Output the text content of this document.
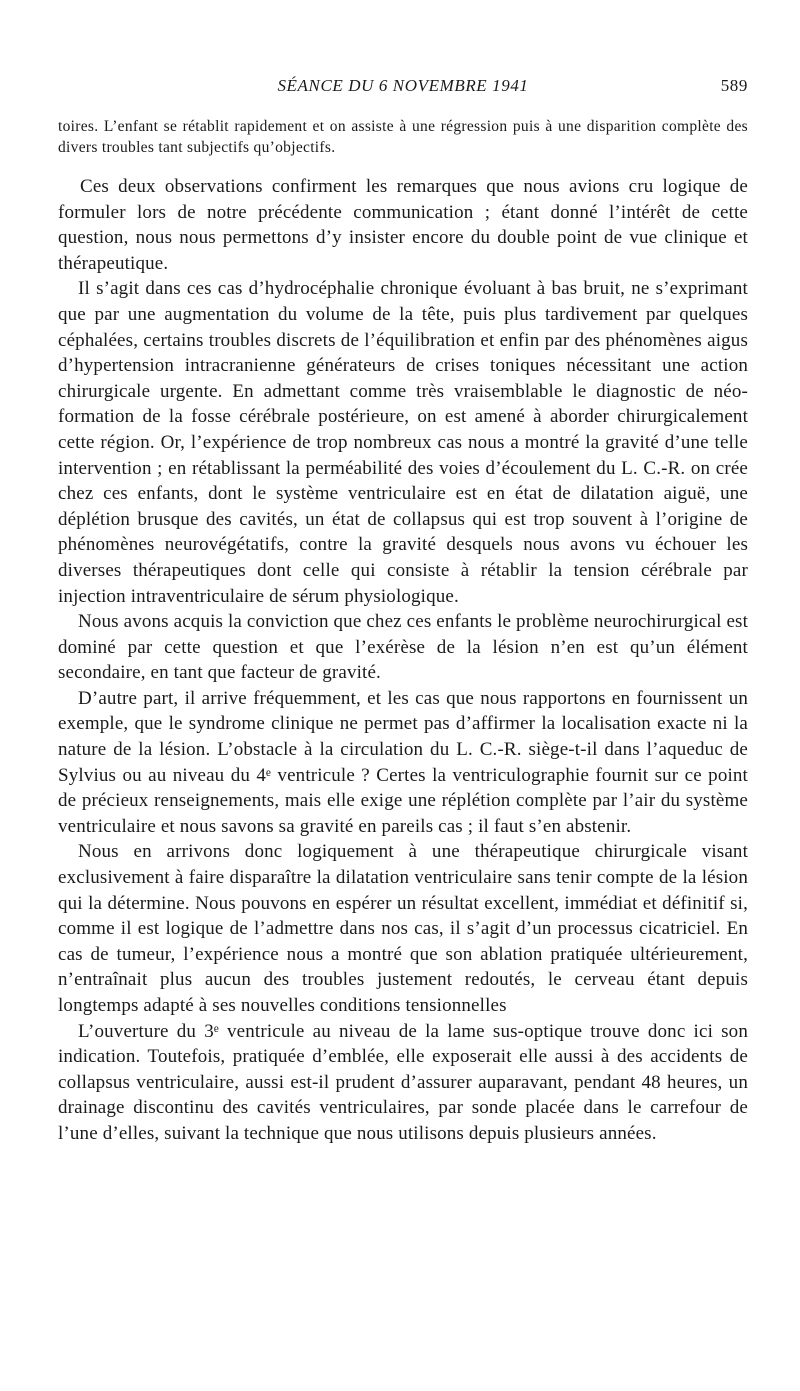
SÉANCE DU 6 NOVEMBRE 1941	589
toires. L’enfant se rétablit rapidement et on assiste à une régression puis à une disparition complète des divers troubles tant subjectifs qu’objectifs.

Ces deux observations confirment les remarques que nous avions cru logique de formuler lors de notre précédente communication ; étant donné l’intérêt de cette question, nous nous permettons d’y insister encore du double point de vue clinique et thérapeutique.

Il s’agit dans ces cas d’hydrocéphalie chronique évoluant à bas bruit, ne s’exprimant que par une augmentation du volume de la tête, puis plus tardivement par quelques céphalées, certains troubles discrets de l’équilibration et enfin par des phénomènes aigus d’hypertension intracranienne générateurs de crises toniques nécessitant une action chirurgicale urgente. En admettant comme très vraisemblable le diagnostic de néo-formation de la fosse cérébrale postérieure, on est amené à aborder chirurgicalement cette région. Or, l’expérience de trop nombreux cas nous a montré la gravité d’une telle intervention ; en rétablissant la perméabilité des voies d’écoulement du L. C.-R. on crée chez ces enfants, dont le système ventriculaire est en état de dilatation aiguë, une déplétion brusque des cavités, un état de collapsus qui est trop souvent à l’origine de phénomènes neurovégétatifs, contre la gravité desquels nous avons vu échouer les diverses thérapeutiques dont celle qui consiste à rétablir la tension cérébrale par injection intraventriculaire de sérum physiologique.

Nous avons acquis la conviction que chez ces enfants le problème neurochirurgical est dominé par cette question et que l’exérèse de la lésion n’en est qu’un élément secondaire, en tant que facteur de gravité.

D’autre part, il arrive fréquemment, et les cas que nous rapportons en fournissent un exemple, que le syndrome clinique ne permet pas d’affirmer la localisation exacte ni la nature de la lésion. L’obstacle à la circulation du L. C.-R. siège-t-il dans l’aqueduc de Sylvius ou au niveau du 4ᵉ ventricule ? Certes la ventriculographie fournit sur ce point de précieux renseignements, mais elle exige une réplétion complète par l’air du système ventriculaire et nous savons sa gravité en pareils cas ; il faut s’en abstenir.

Nous en arrivons donc logiquement à une thérapeutique chirurgicale visant exclusivement à faire disparaître la dilatation ventriculaire sans tenir compte de la lésion qui la détermine. Nous pouvons en espérer un résultat excellent, immédiat et définitif si, comme il est logique de l’admettre dans nos cas, il s’agit d’un processus cicatriciel. En cas de tumeur, l’expérience nous a montré que son ablation pratiquée ultérieurement, n’entraînait plus aucun des troubles justement redoutés, le cerveau étant depuis longtemps adapté à ses nouvelles conditions tensionnelles

L’ouverture du 3ᵉ ventricule au niveau de la lame sus-optique trouve donc ici son indication. Toutefois, pratiquée d’emblée, elle exposerait elle aussi à des accidents de collapsus ventriculaire, aussi est-il prudent d’assurer auparavant, pendant 48 heures, un drainage discontinu des cavités ventriculaires, par sonde placée dans le carrefour de l’une d’elles, suivant la technique que nous utilisons depuis plusieurs années.
